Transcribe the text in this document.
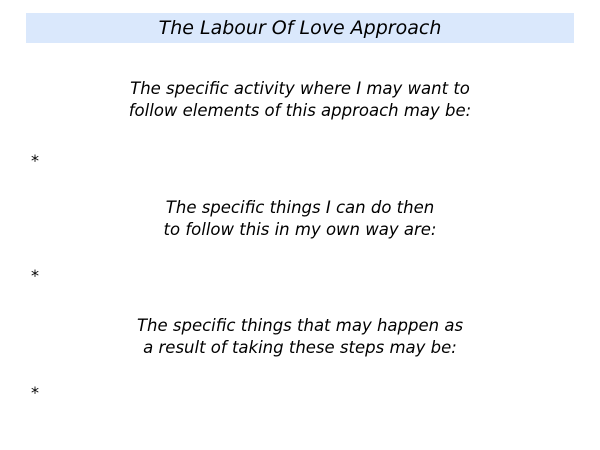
The Labour Of Love Approach
The specific activity where I may want to
follow elements of this approach may be:
*
The specific things I can do then
to follow this in my own way are:
*
The specific things that may happen as
a result of taking these steps may be:
*
